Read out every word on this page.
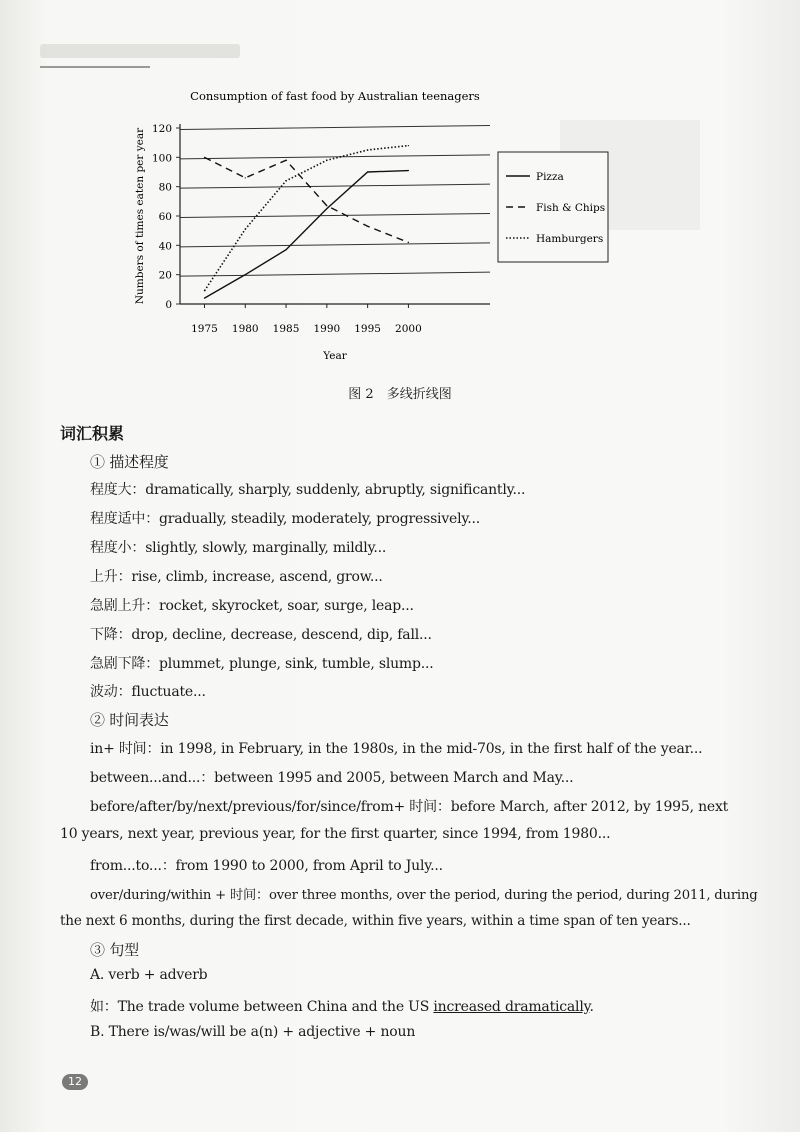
Consumption of fast food by Australian teenagers
0
20
40
60
80
100
120
1975 1980 1985 1990 1995 2000
Year
Numbers of times eaten per year	Pizza
Fish & Chips
Hamburgers
图 2　多线折线图
词汇积累
① 描述程度
程度大：dramatically, sharply, suddenly, abruptly, significantly...
程度适中：gradually, steadily, moderately, progressively...
程度小：slightly, slowly, marginally, mildly...
上升：rise, climb, increase, ascend, grow...
急剧上升：rocket, skyrocket, soar, surge, leap...
下降：drop, decline, decrease, descend, dip, fall...
急剧下降：plummet, plunge, sink, tumble, slump...
波动：fluctuate...
② 时间表达
in+ 时间：in 1998, in February, in the 1980s, in the mid-70s, in the first half of the year...
between...and...：between 1995 and 2005, between March and May...
before/after/by/next/previous/for/since/from+ 时间：before March, after 2012, by 1995, next
10 years, next year, previous year, for the first quarter, since 1994, from 1980...
from...to...：from 1990 to 2000, from April to July...
over/during/within + 时间：over three months, over the period, during the period, during 2011, during
the next 6 months, during the first decade, within five years, within a time span of ten years...
③ 句型
A. verb + adverb
如：The trade volume between China and the US increased dramatically.
B. There is/was/will be a(n) + adjective + noun
12
